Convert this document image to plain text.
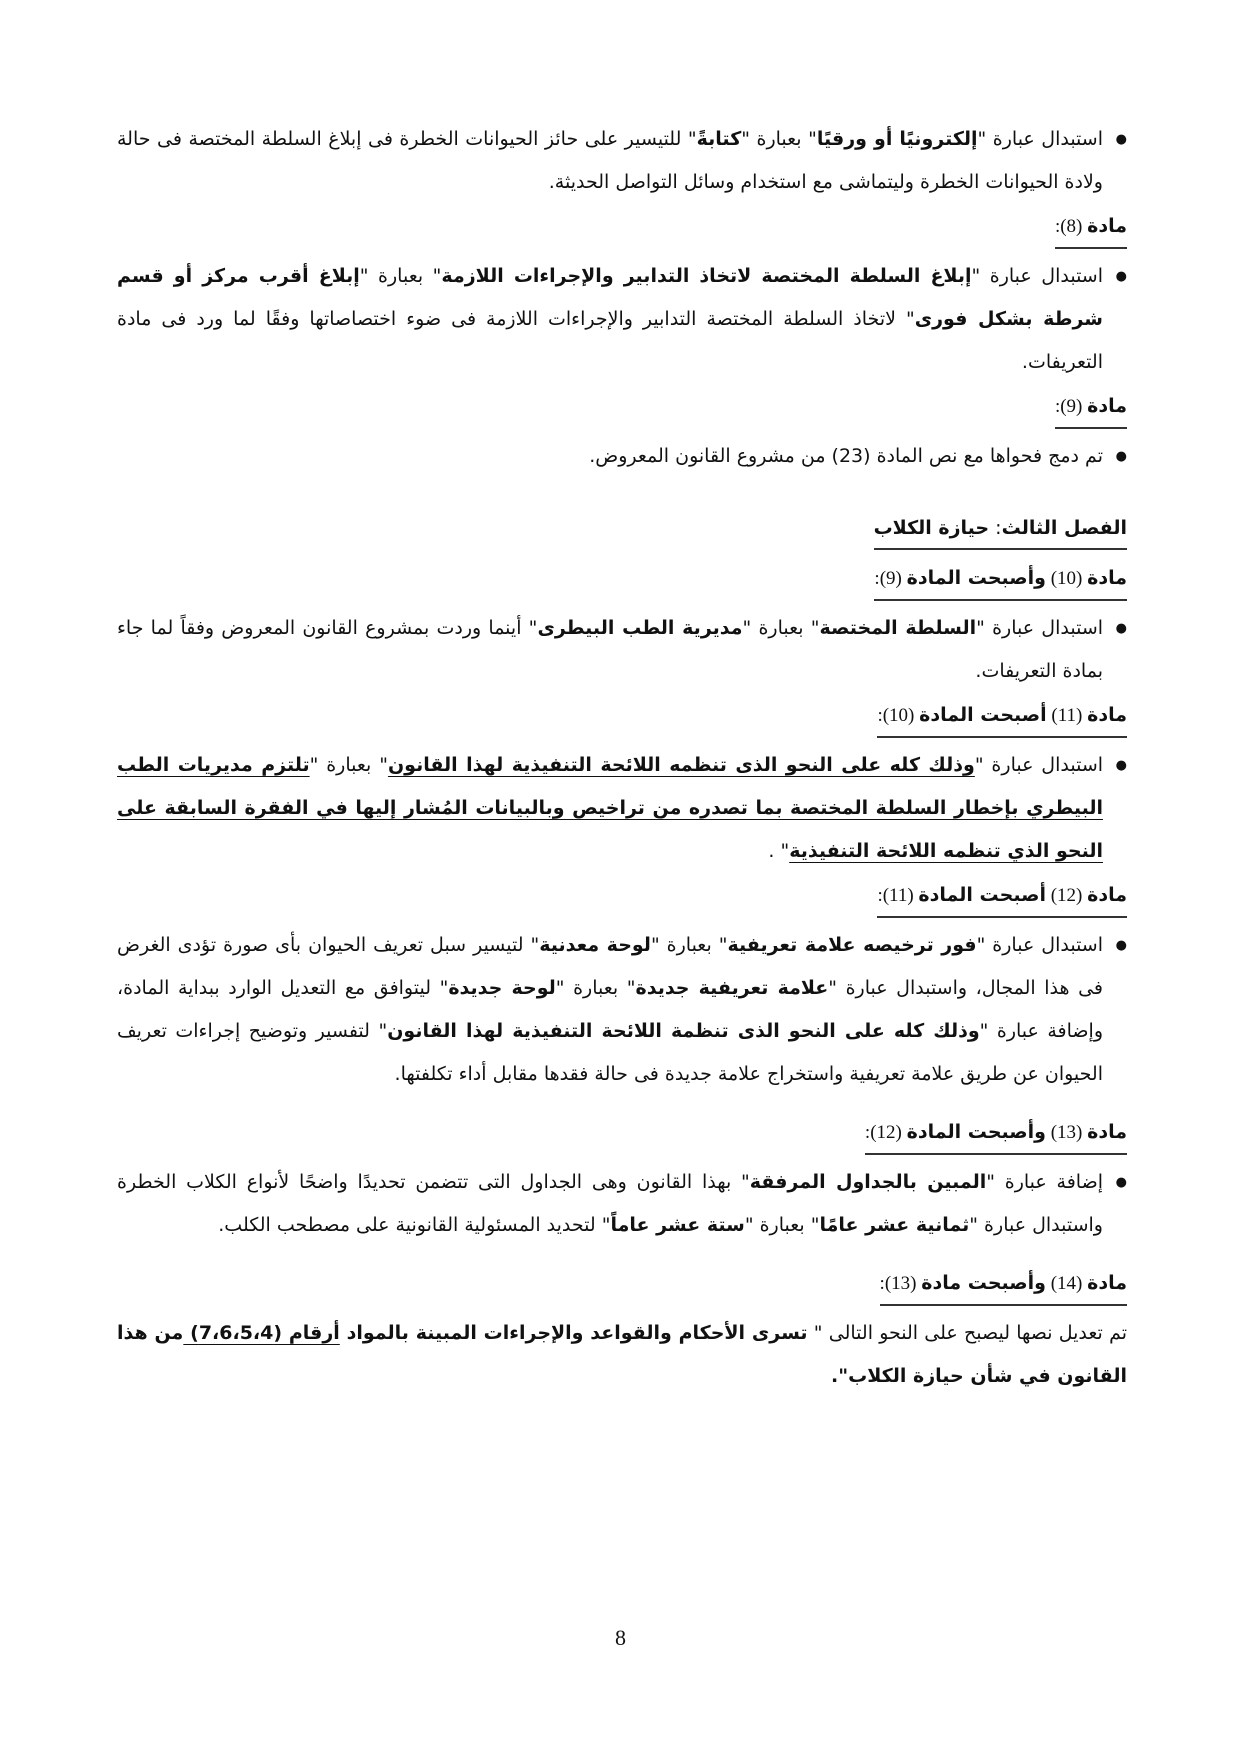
● استبدال عبارة "إلكترونيًا أو ورقيًا" بعبارة "كتابةً" للتيسير على حائز الحيوانات الخطرة فى إبلاغ السلطة المختصة فى حالة ولادة الحيوانات الخطرة وليتماشى مع استخدام وسائل التواصل الحديثة.

مادة (8):

● استبدال عبارة "إبلاغ السلطة المختصة لاتخاذ التدابير والإجراءات اللازمة" بعبارة "إبلاغ أقرب مركز أو قسم شرطة بشكل فورى" لاتخاذ السلطة المختصة التدابير والإجراءات اللازمة فى ضوء اختصاصاتها وفقًا لما ورد فى مادة التعريفات.

مادة (9):

● تم دمج فحواها مع نص المادة (23) من مشروع القانون المعروض.

الفصل الثالث: حيازة الكلاب
مادة (10) وأصبحت المادة (9):

● استبدال عبارة "السلطة المختصة" بعبارة "مديرية الطب البيطرى" أينما وردت بمشروع القانون المعروض وفقاً لما جاء بمادة التعريفات.

مادة (11) أصبحت المادة (10):

● استبدال عبارة "وذلك كله على النحو الذى تنظمه اللائحة التنفيذية لهذا القانون" بعبارة "تلتزم مديريات الطب البيطري بإخطار السلطة المختصة بما تصدره من تراخيص وبالبيانات المُشار إليها في الفقرة السابقة على النحو الذي تنظمه اللائحة التنفيذية" .

مادة (12) أصبحت المادة (11):

● استبدال عبارة "فور ترخيصه علامة تعريفية" بعبارة "لوحة معدنية" لتيسير سبل تعريف الحيوان بأى صورة تؤدى الغرض فى هذا المجال، واستبدال عبارة "علامة تعريفية جديدة" بعبارة "لوحة جديدة" ليتوافق مع التعديل الوارد ببداية المادة، وإضافة عبارة "وذلك كله على النحو الذى تنظمة اللائحة التنفيذية لهذا القانون" لتفسير وتوضيح إجراءات تعريف الحيوان عن طريق علامة تعريفية واستخراج علامة جديدة فى حالة فقدها مقابل أداء تكلفتها.

مادة (13) وأصبحت المادة (12):

● إضافة عبارة "المبين بالجداول المرفقة" بهذا القانون وهى الجداول التى تتضمن تحديدًا واضحًا لأنواع الكلاب الخطرة واستبدال عبارة "ثمانية عشر عامًا" بعبارة "ستة عشر عاماً" لتحديد المسئولية القانونية على مصطحب الكلب.

مادة (14) وأصبحت مادة (13):

تم تعديل نصها ليصبح على النحو التالى " تسرى الأحكام والقواعد والإجراءات المبينة بالمواد أرقام (7،6،5،4) من هذا القانون في شأن حيازة الكلاب".

8
